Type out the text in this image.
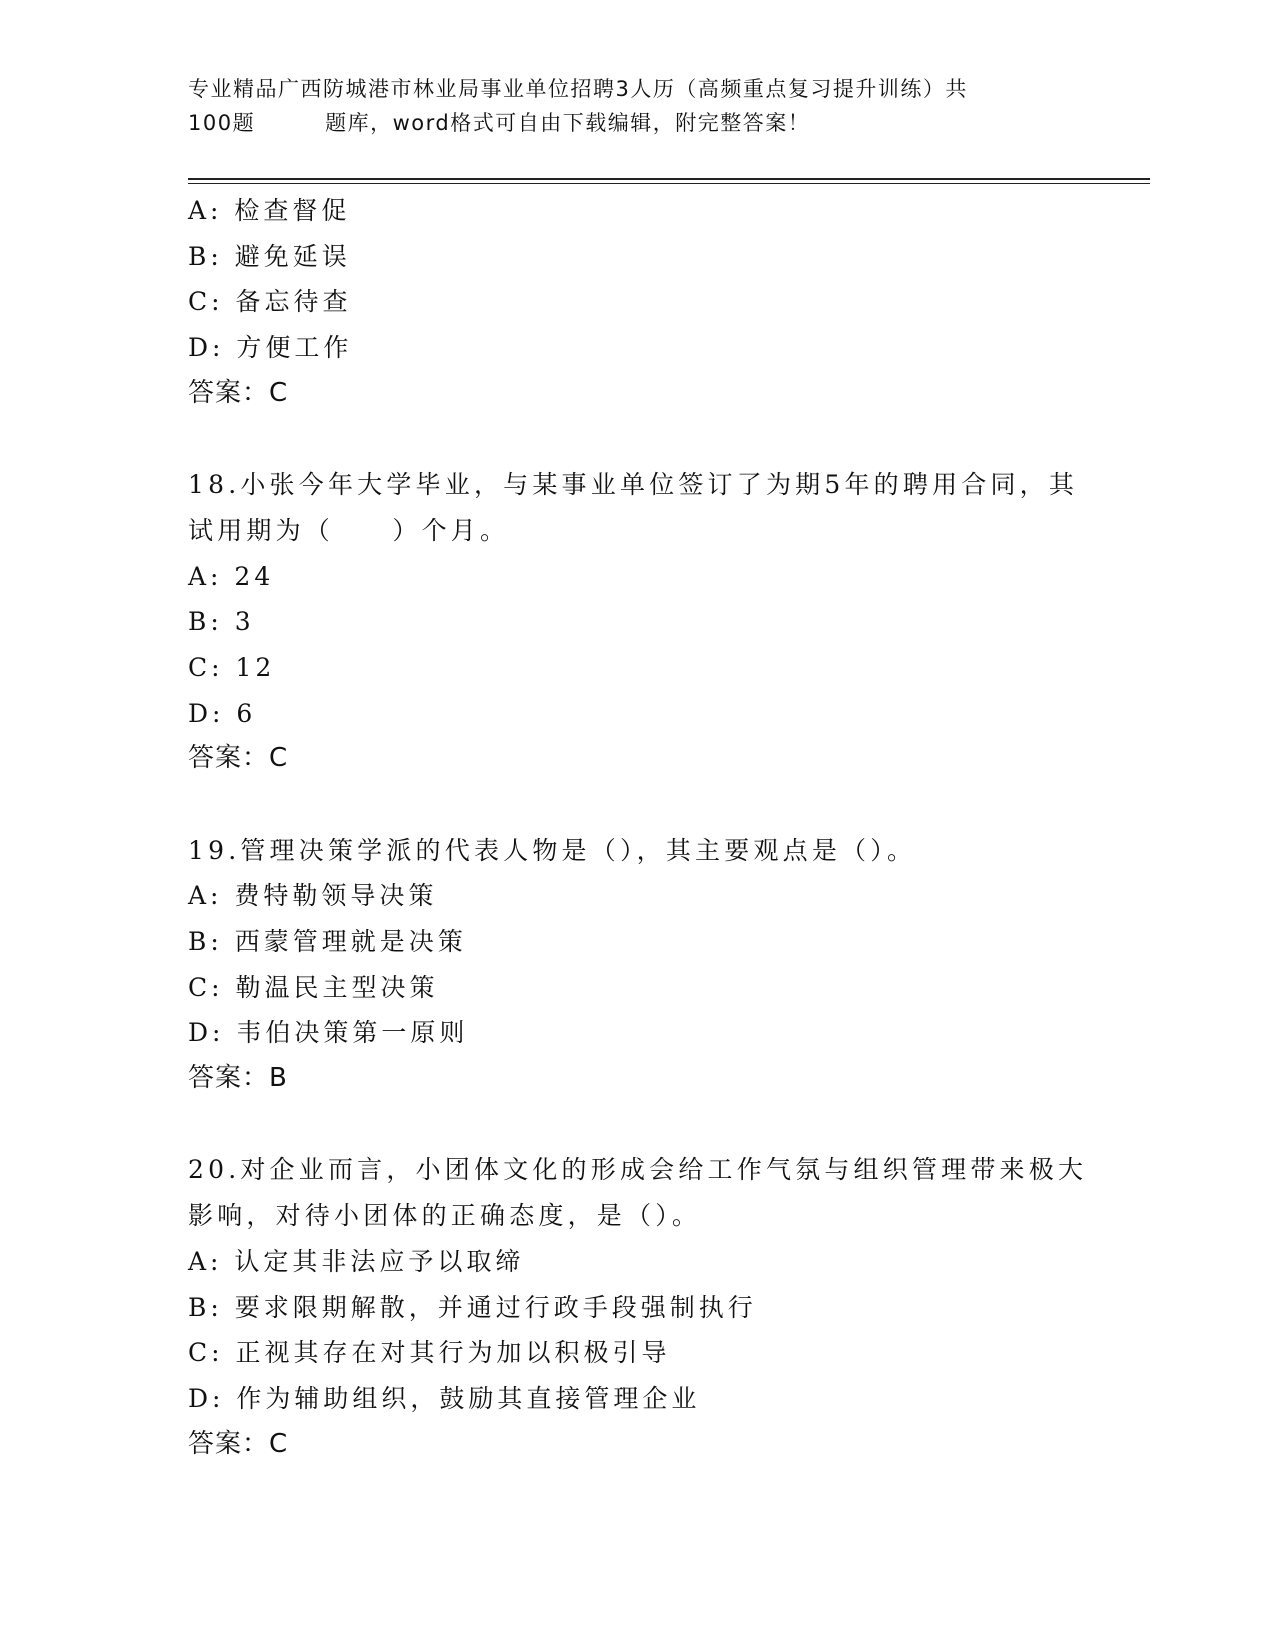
专业精品广西防城港市林业局事业单位招聘3人历（高频重点复习提升训练）共
100题	题库，word格式可自由下载编辑，附完整答案！
A: 检查督促
B: 避免延误
C: 备忘待查
D: 方便工作
答案：C
18.小张今年大学毕业，与某事业单位签订了为期5年的聘用合同，其试用期为（　　）个月。
A: 24
B: 3
C: 12
D: 6
答案：C
19.管理决策学派的代表人物是（），其主要观点是（）。
A: 费特勒领导决策
B: 西蒙管理就是决策
C: 勒温民主型决策
D: 韦伯决策第一原则
答案：B
20.对企业而言，小团体文化的形成会给工作气氛与组织管理带来极大影响，对待小团体的正确态度，是（）。
A: 认定其非法应予以取缔
B: 要求限期解散，并通过行政手段强制执行
C: 正视其存在对其行为加以积极引导
D: 作为辅助组织，鼓励其直接管理企业
答案：C
